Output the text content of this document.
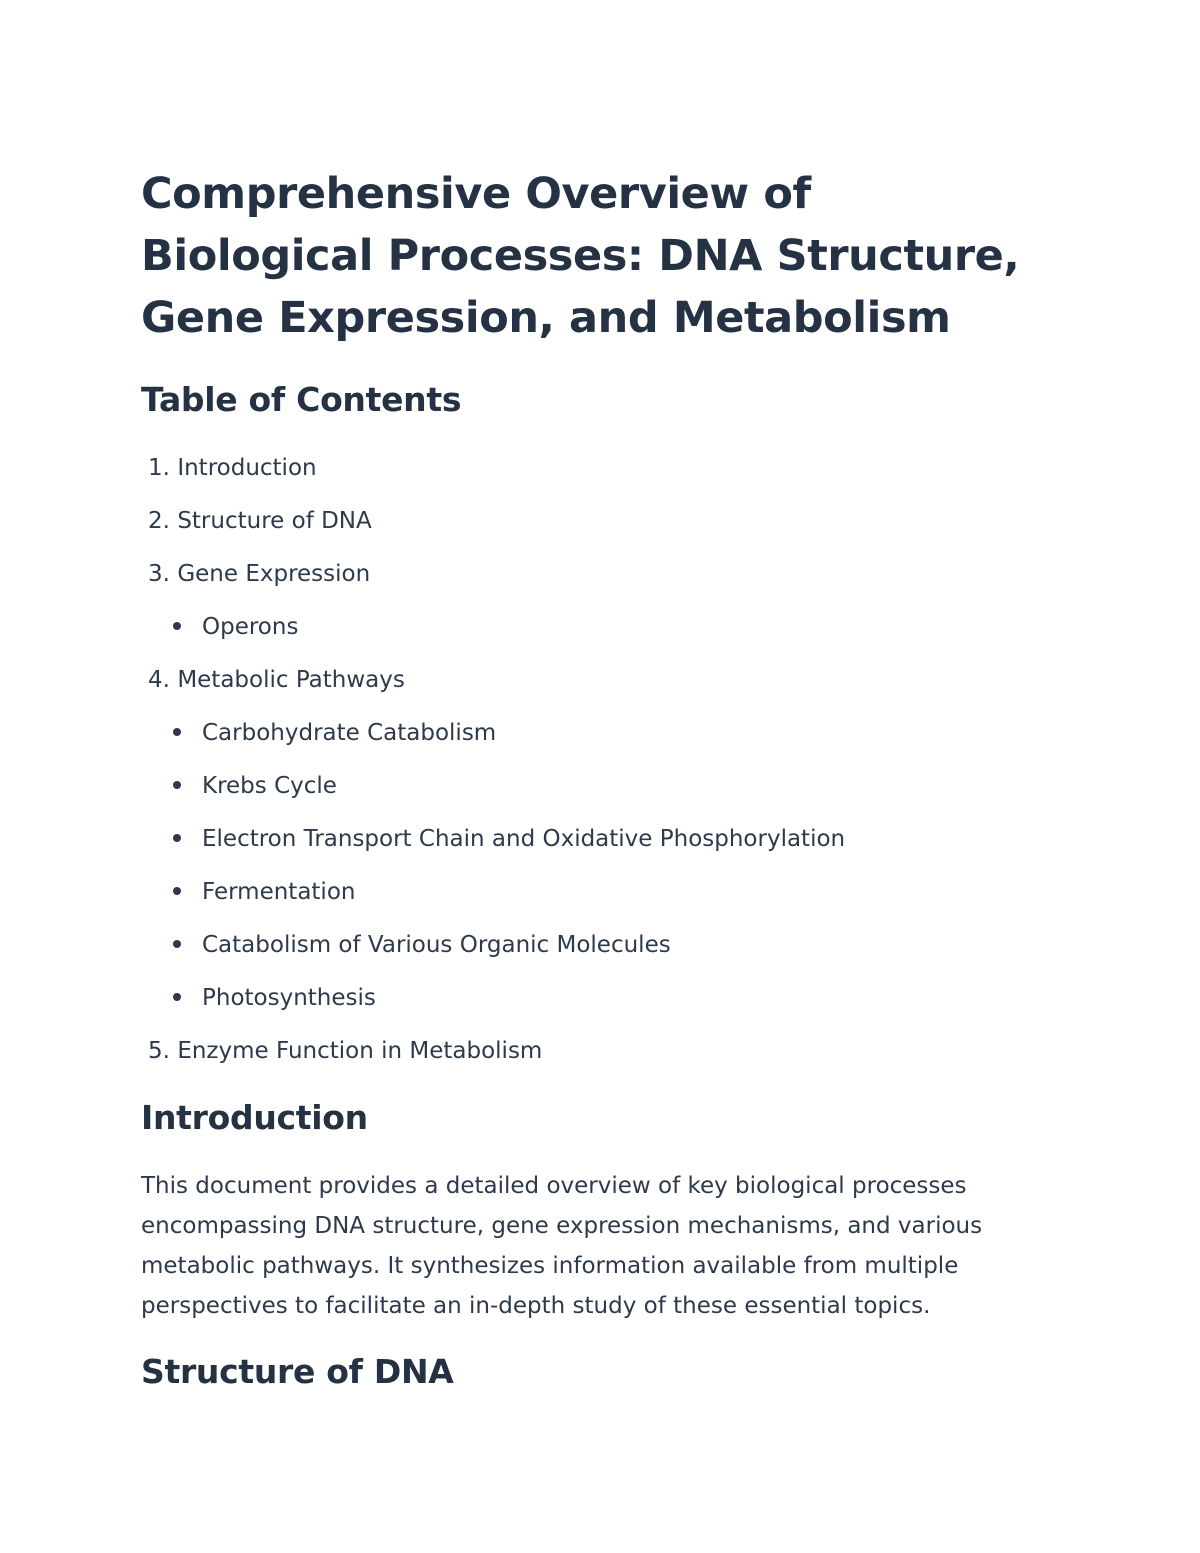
Comprehensive Overview of Biological Processes: DNA Structure, Gene Expression, and Metabolism
Table of Contents
1. Introduction
2. Structure of DNA
3. Gene Expression
Operons
4. Metabolic Pathways
Carbohydrate Catabolism
Krebs Cycle
Electron Transport Chain and Oxidative Phosphorylation
Fermentation
Catabolism of Various Organic Molecules
Photosynthesis
5. Enzyme Function in Metabolism
Introduction

This document provides a detailed overview of key biological processes encompassing DNA structure, gene expression mechanisms, and various metabolic pathways. It synthesizes information available from multiple perspectives to facilitate an in-depth study of these essential topics.

Structure of DNA
